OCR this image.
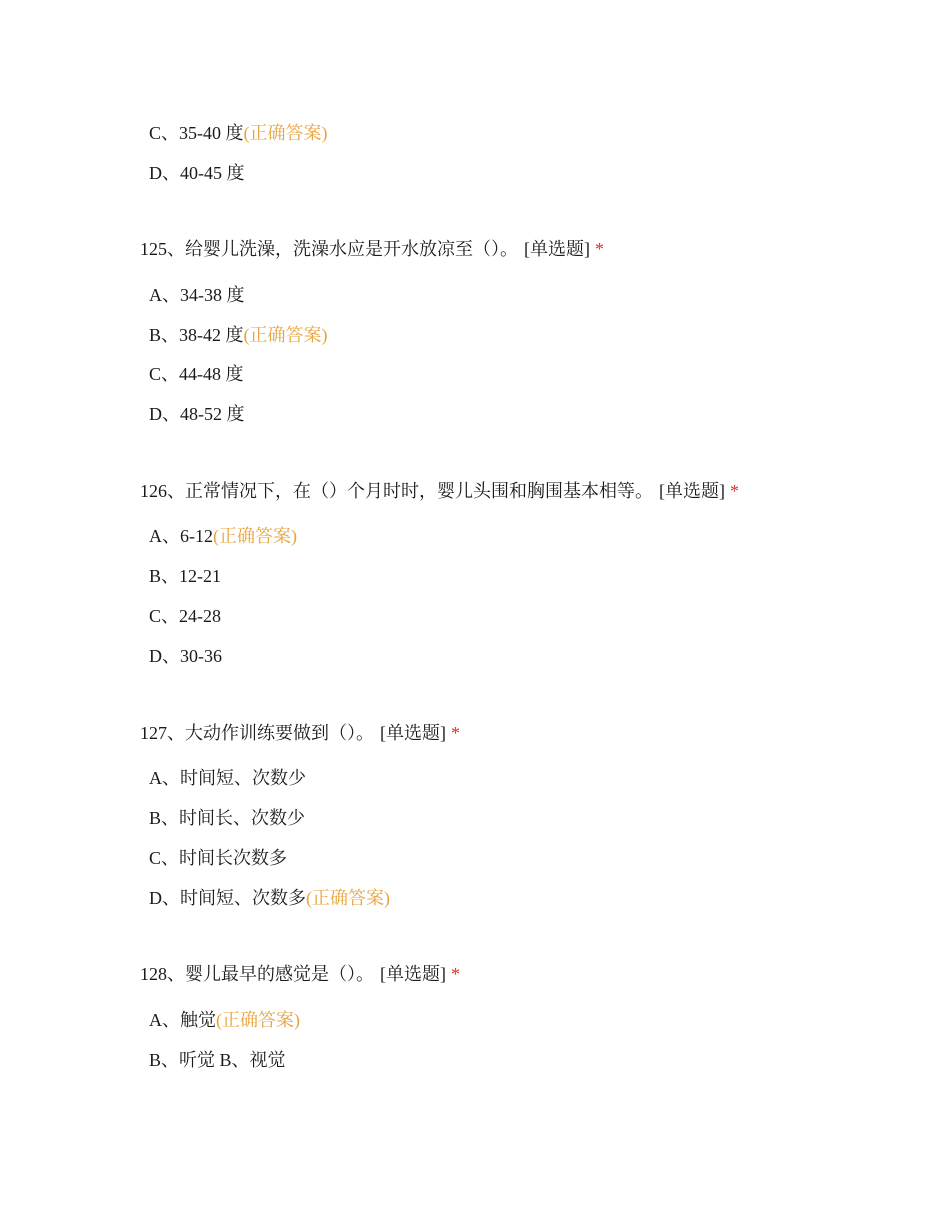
C、35-40 度(正确答案)
D、40-45 度
125、给婴儿洗澡，洗澡水应是开水放凉至（）。 [单选题] *
A、34-38 度
B、38-42 度(正确答案)
C、44-48 度
D、48-52 度
126、正常情况下，在（）个月时时，婴儿头围和胸围基本相等。 [单选题] *
A、6-12(正确答案)
B、12-21
C、24-28
D、30-36
127、大动作训练要做到（）。 [单选题] *
A、时间短、次数少
B、时间长、次数少
C、时间长次数多
D、时间短、次数多(正确答案)
128、婴儿最早的感觉是（）。 [单选题] *
A、触觉(正确答案)
B、听觉 B、视觉
